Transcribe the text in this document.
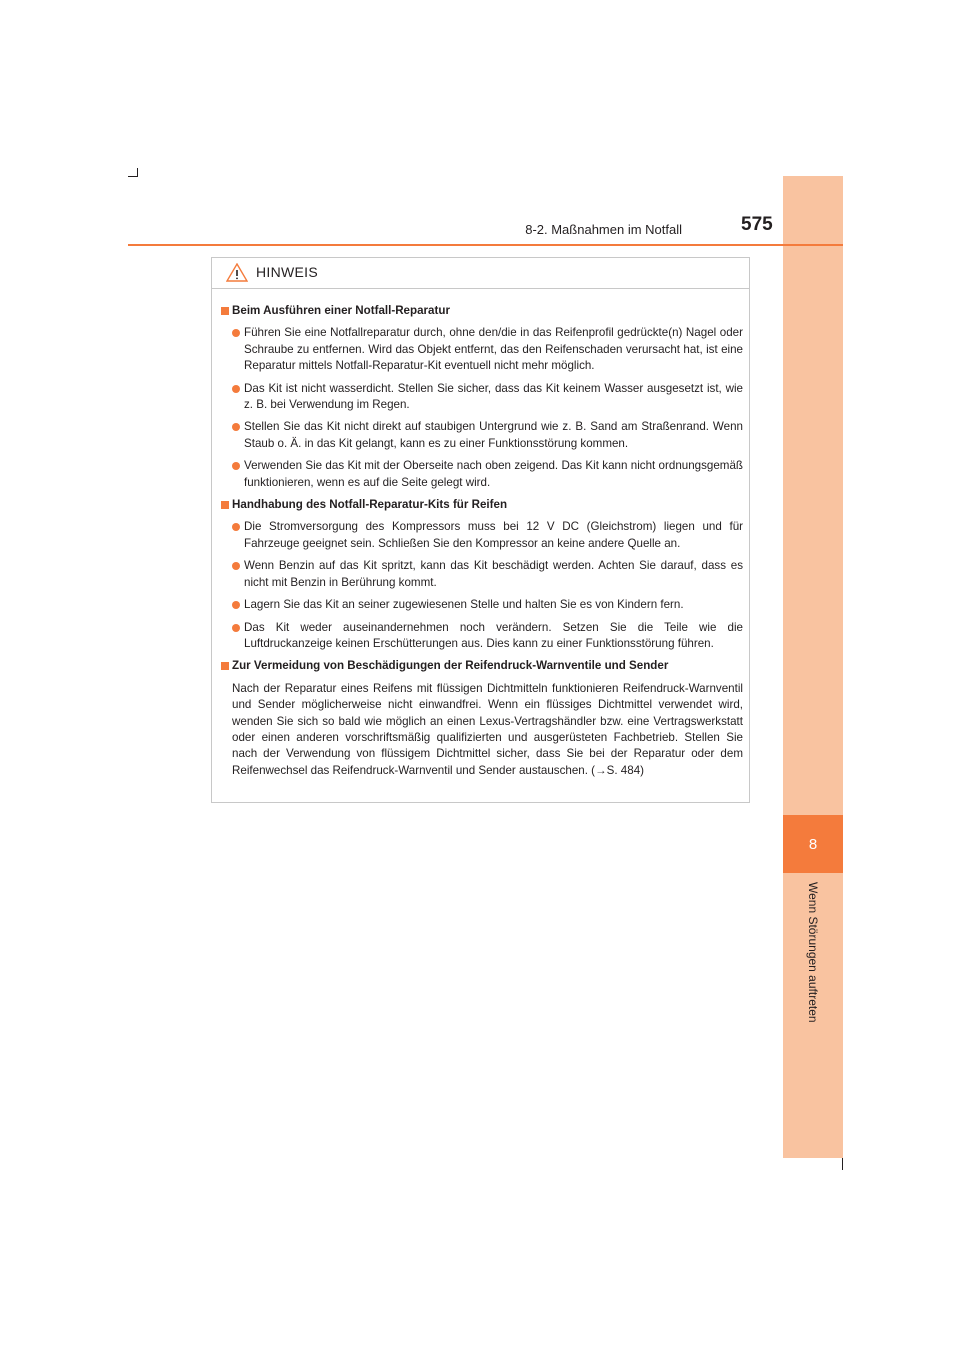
8
Wenn Störungen auftreten
8-2. Maßnahmen im Notfall	575
HINWEIS
Beim Ausführen einer Notfall-Reparatur
Führen Sie eine Notfallreparatur durch, ohne den/die in das Reifenprofil gedrückte(n) Nagel oder Schraube zu entfernen. Wird das Objekt entfernt, das den Reifenschaden verursacht hat, ist eine Reparatur mittels Notfall-Reparatur-Kit eventuell nicht mehr möglich.
Das Kit ist nicht wasserdicht. Stellen Sie sicher, dass das Kit keinem Wasser ausgesetzt ist, wie z. B. bei Verwendung im Regen.
Stellen Sie das Kit nicht direkt auf staubigen Untergrund wie z. B. Sand am Straßenrand. Wenn Staub o. Ä. in das Kit gelangt, kann es zu einer Funktionsstörung kommen.
Verwenden Sie das Kit mit der Oberseite nach oben zeigend. Das Kit kann nicht ordnungsgemäß funktionieren, wenn es auf die Seite gelegt wird.
Handhabung des Notfall-Reparatur-Kits für Reifen
Die Stromversorgung des Kompressors muss bei 12 V DC (Gleichstrom) liegen und für Fahrzeuge geeignet sein. Schließen Sie den Kompressor an keine andere Quelle an.
Wenn Benzin auf das Kit spritzt, kann das Kit beschädigt werden. Achten Sie darauf, dass es nicht mit Benzin in Berührung kommt.
Lagern Sie das Kit an seiner zugewiesenen Stelle und halten Sie es von Kindern fern.
Das Kit weder auseinandernehmen noch verändern. Setzen Sie die Teile wie die Luftdruckanzeige keinen Erschütterungen aus. Dies kann zu einer Funktionsstörung führen.
Zur Vermeidung von Beschädigungen der Reifendruck-Warnventile und Sender
Nach der Reparatur eines Reifens mit flüssigen Dichtmitteln funktionieren Reifendruck-Warnventil und Sender möglicherweise nicht einwandfrei. Wenn ein flüssiges Dichtmittel verwendet wird, wenden Sie sich so bald wie möglich an einen Lexus-Vertragshändler bzw. eine Vertragswerkstatt oder einen anderen vorschriftsmäßig qualifizierten und ausgerüsteten Fachbetrieb. Stellen Sie nach der Verwendung von flüssigem Dichtmittel sicher, dass Sie bei der Reparatur oder dem Reifenwechsel das Reifendruck-Warnventil und Sender austauschen. (→S. 484)
